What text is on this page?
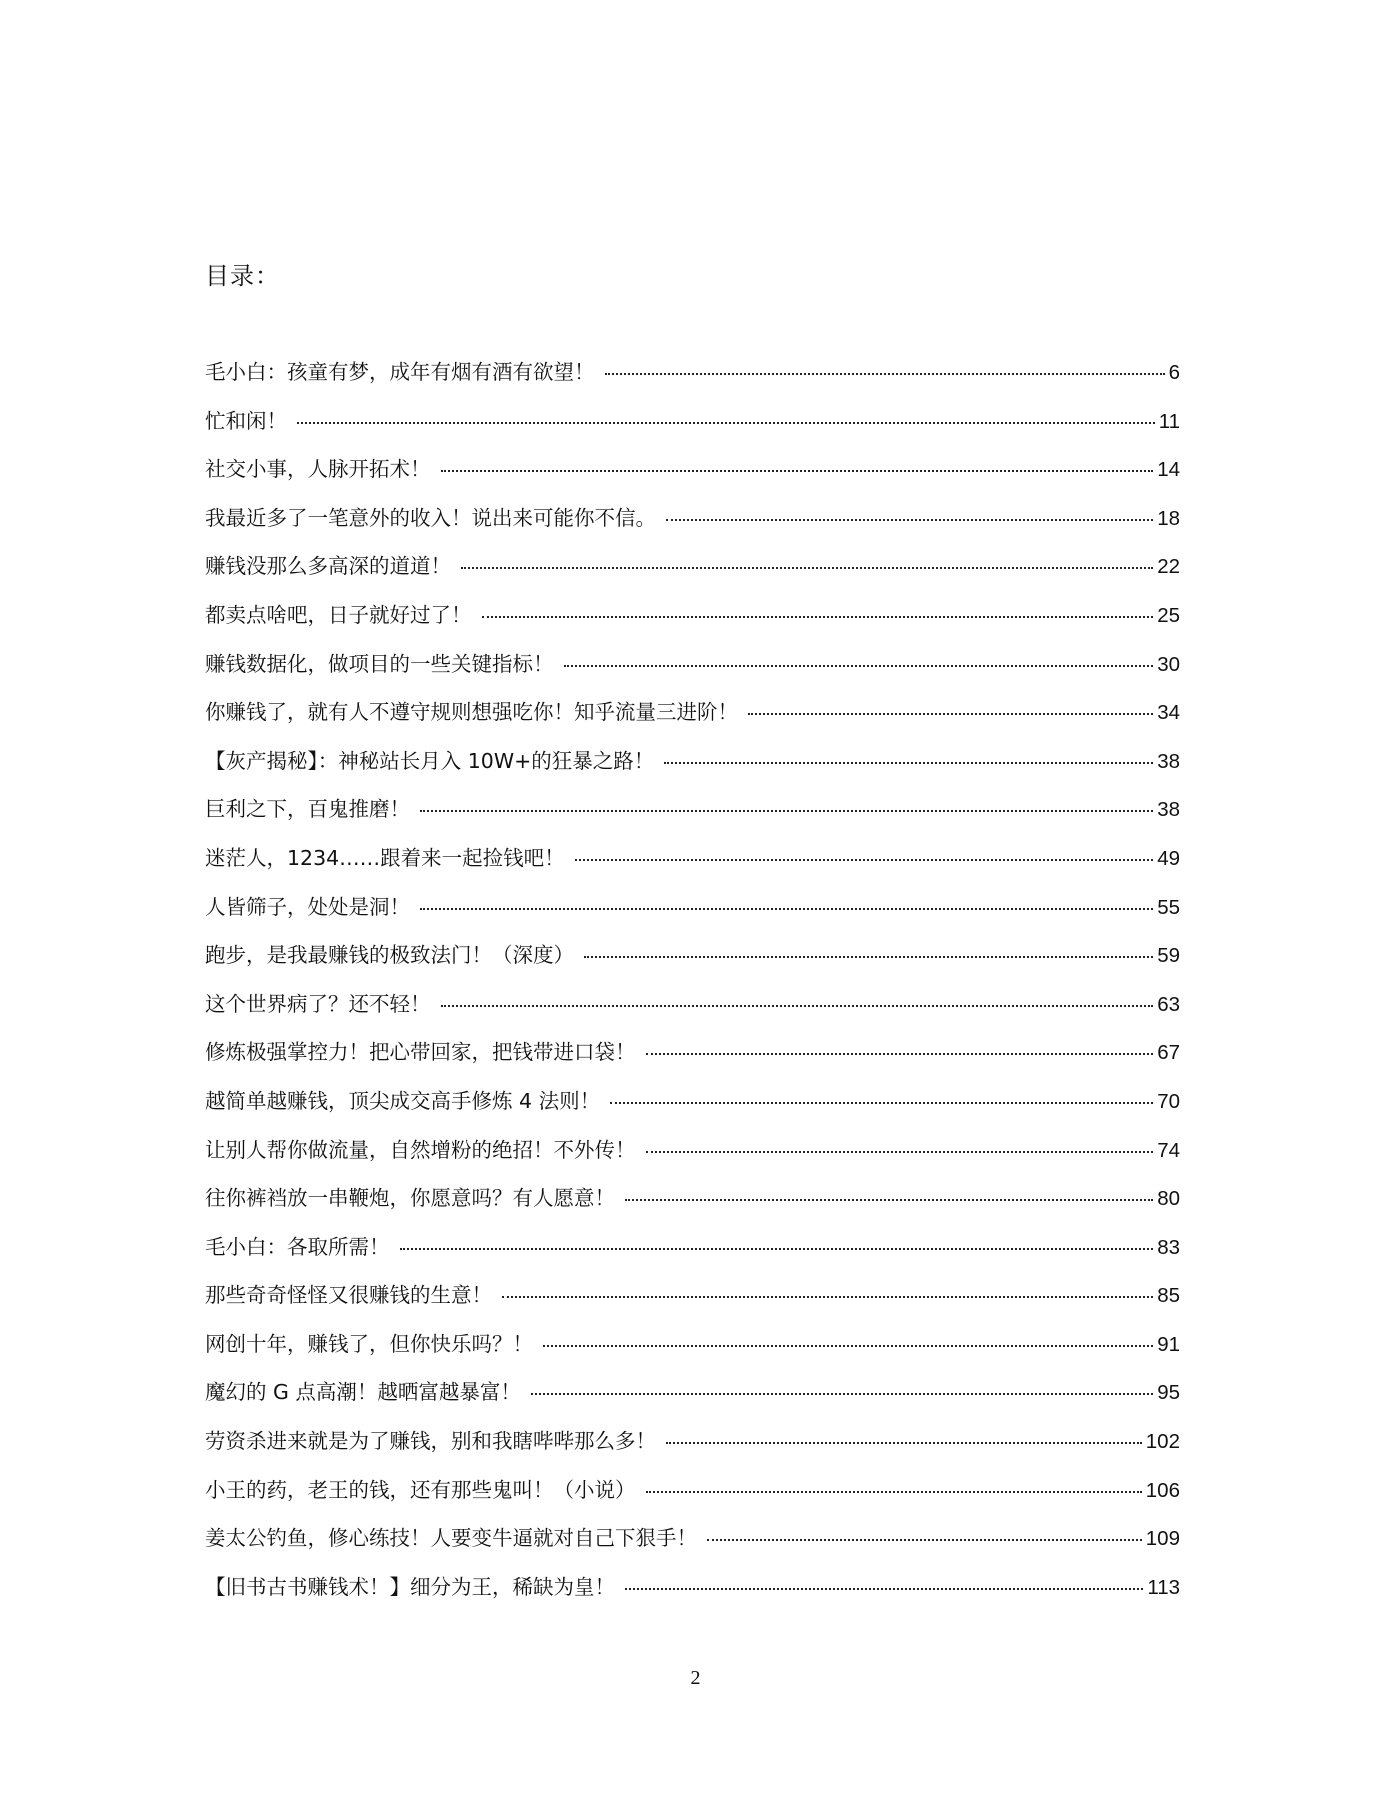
目录：
毛小白：孩童有梦，成年有烟有酒有欲望！	6
忙和闲！	11
社交小事，人脉开拓术！	14
我最近多了一笔意外的收入！说出来可能你不信。	18
赚钱没那么多高深的道道！	22
都卖点啥吧，日子就好过了！	25
赚钱数据化，做项目的一些关键指标！	30
你赚钱了，就有人不遵守规则想强吃你！知乎流量三进阶！	34
【灰产揭秘】：神秘站长月入 10W+的狂暴之路！	38
巨利之下，百鬼推磨！	38
迷茫人，1234……跟着来一起捡钱吧！	49
人皆筛子，处处是洞！	55
跑步，是我最赚钱的极致法门！（深度）	59
这个世界病了？还不轻！	63
修炼极强掌控力！把心带回家，把钱带进口袋！	67
越简单越赚钱，顶尖成交高手修炼 4 法则！	70
让别人帮你做流量，自然增粉的绝招！不外传！	74
往你裤裆放一串鞭炮，你愿意吗？有人愿意！	80
毛小白：各取所需！	83
那些奇奇怪怪又很赚钱的生意！	85
网创十年，赚钱了，但你快乐吗？！	91
魔幻的 G 点高潮！越晒富越暴富！	95
劳资杀进来就是为了赚钱，别和我瞎哔哔那么多！	102
小王的药，老王的钱，还有那些鬼叫！（小说）	106
姜太公钓鱼，修心练技！人要变牛逼就对自己下狠手！	109
【旧书古书赚钱术！】细分为王，稀缺为皇！	113
2
